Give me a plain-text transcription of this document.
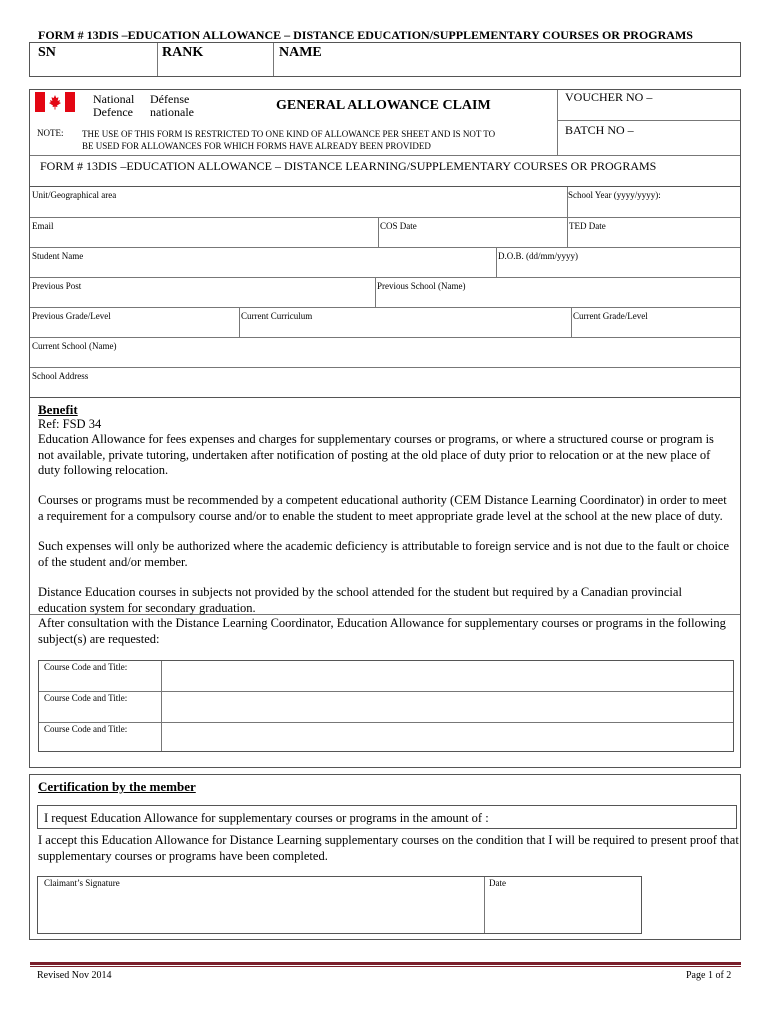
FORM # 13DIS –EDUCATION ALLOWANCE – DISTANCE EDUCATION/SUPPLEMENTARY COURSES OR PROGRAMS
SN	RANK	NAME
National
Defence
Défense
nationale	GENERAL ALLOWANCE CLAIM
VOUCHER NO –
BATCH NO –
NOTE: THE USE OF THIS FORM IS RESTRICTED TO ONE KIND OF ALLOWANCE PER SHEET AND IS NOT TO
BE USED FOR ALLOWANCES FOR WHICH FORMS HAVE ALREADY BEEN PROVIDED
FORM # 13DIS –EDUCATION ALLOWANCE – DISTANCE LEARNING/SUPPLEMENTARY COURSES OR PROGRAMS
Unit/Geographical area	School Year (yyyy/yyyy):
Email	COS Date	TED Date
Student Name	D.O.B. (dd/mm/yyyy)
Previous Post	Previous School (Name)
Previous Grade/Level	Current Curriculum	Current Grade/Level
Current School (Name)
School Address
Benefit
Ref: FSD 34
Education Allowance for fees expenses and charges for supplementary courses or programs, or where a structured course or program is
not available, private tutoring, undertaken after notification of posting at the old place of duty prior to relocation or at the new place of
duty following relocation.
Courses or programs must be recommended by a competent educational authority (CEM Distance Learning Coordinator) in order to meet
a requirement for a compulsory course and/or to enable the student to meet appropriate grade level at the school at the new place of duty.
Such expenses will only be authorized where the academic deficiency is attributable to foreign service and is not due to the fault or choice
of the student and/or member.
Distance Education courses in subjects not provided by the school attended for the student but required by a Canadian provincial
education system for secondary graduation.
After consultation with the Distance Learning Coordinator, Education Allowance for supplementary courses or programs in the following
subject(s) are requested:
Course Code and Title:
Course Code and Title:
Course Code and Title:
Certification by the member
I request Education Allowance for supplementary courses or programs in the amount of :
I accept this Education Allowance for Distance Learning supplementary courses on the condition that I will be required to present proof that
supplementary courses or programs have been completed.
Claimant’s Signature	Date
Revised Nov 2014	Page 1 of 2
